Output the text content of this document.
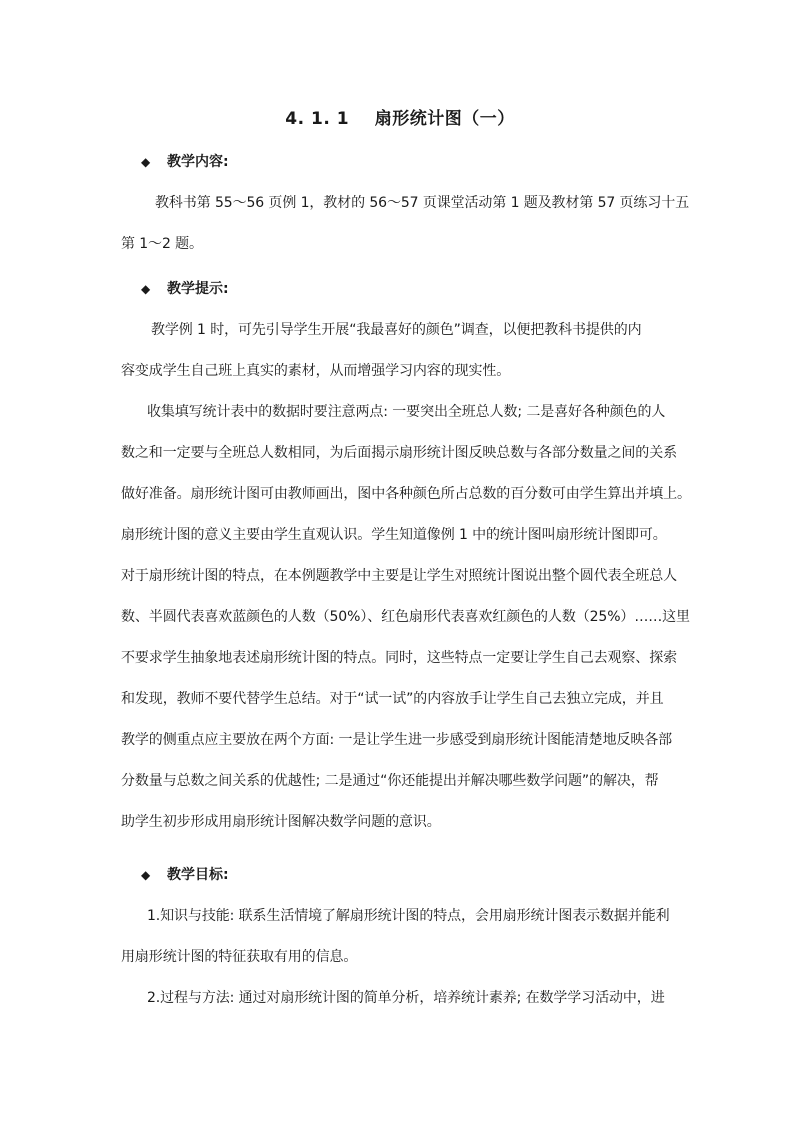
4. 1. 1    扇形统计图（一）
◆ 教学内容:
教科书第 55～56 页例 1，教材的 56～57 页课堂活动第 1 题及教材第 57 页练习十五
第 1～2 题。
◆ 教学提示:
教学例 1 时，可先引导学生开展“我最喜好的颜色”调查，以便把教科书提供的内
容变成学生自己班上真实的素材，从而增强学习内容的现实性。
收集填写统计表中的数据时要注意两点: 一要突出全班总人数; 二是喜好各种颜色的人
数之和一定要与全班总人数相同，为后面揭示扇形统计图反映总数与各部分数量之间的关系
做好准备。扇形统计图可由教师画出，图中各种颜色所占总数的百分数可由学生算出并填上。
扇形统计图的意义主要由学生直观认识。学生知道像例 1 中的统计图叫扇形统计图即可。
对于扇形统计图的特点，在本例题教学中主要是让学生对照统计图说出整个圆代表全班总人
数、半圆代表喜欢蓝颜色的人数（50%）、红色扇形代表喜欢红颜色的人数（25%）……这里
不要求学生抽象地表述扇形统计图的特点。同时，这些特点一定要让学生自己去观察、探索
和发现，教师不要代替学生总结。对于“试一试”的内容放手让学生自己去独立完成，并且
教学的侧重点应主要放在两个方面: 一是让学生进一步感受到扇形统计图能清楚地反映各部
分数量与总数之间关系的优越性; 二是通过“你还能提出并解决哪些数学问题”的解决，帮
助学生初步形成用扇形统计图解决数学问题的意识。
◆ 教学目标:
1.知识与技能: 联系生活情境了解扇形统计图的特点，会用扇形统计图表示数据并能利
用扇形统计图的特征获取有用的信息。
2.过程与方法: 通过对扇形统计图的简单分析，培养统计素养; 在数学学习活动中，进
